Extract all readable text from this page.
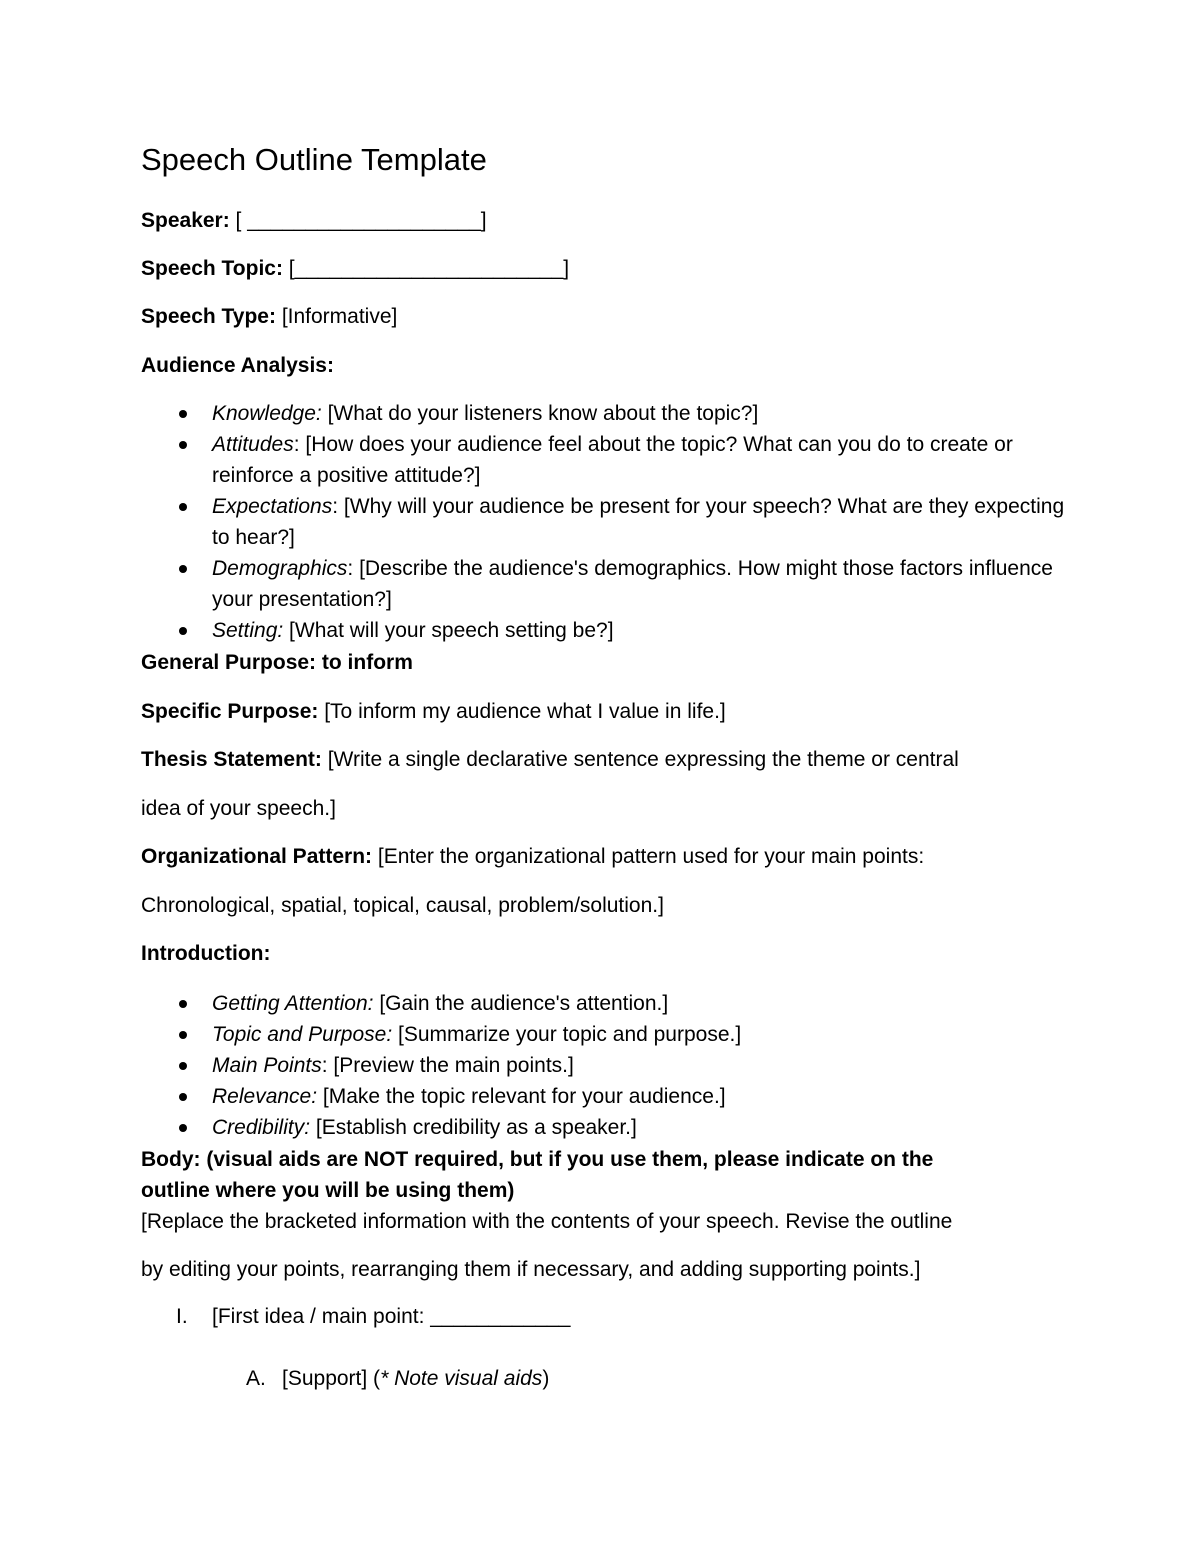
Speech Outline Template
Speaker: [ ____________________]
Speech Topic: [_______________________]
Speech Type: [Informative]
Audience Analysis:
Knowledge: [What do your listeners know about the topic?]
Attitudes: [How does your audience feel about the topic? What can you do to create or reinforce a positive attitude?]
Expectations: [Why will your audience be present for your speech? What are they expecting to hear?]
Demographics: [Describe the audience's demographics. How might those factors influence your presentation?]
Setting: [What will your speech setting be?]
General Purpose: to inform
Specific Purpose: [To inform my audience what I value in life.]
Thesis Statement: [Write a single declarative sentence expressing the theme or central
idea of your speech.]
Organizational Pattern: [Enter the organizational pattern used for your main points:
Chronological, spatial, topical, causal, problem/solution.]
Introduction:
Getting Attention: [Gain the audience's attention.]
Topic and Purpose: [Summarize your topic and purpose.]
Main Points: [Preview the main points.]
Relevance: [Make the topic relevant for your audience.]
Credibility: [Establish credibility as a speaker.]
Body: (visual aids are NOT required, but if you use them, please indicate on the
outline where you will be using them)
[Replace the bracketed information with the contents of your speech. Revise the outline
by editing your points, rearranging them if necessary, and adding supporting points.]
I. [First idea / main point: ____________
A. [Support] (* Note visual aids)
